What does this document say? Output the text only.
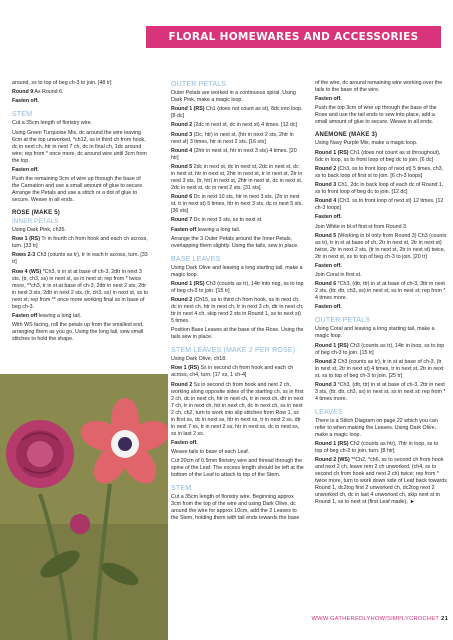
FLORAL HOMEWARES AND ACCESSORIES

around, ss to top of beg ch-3 to join. [48 tr]

Round 9 As Round 6.

Fasten off.

STEM

Cut a 35cm length of floristry wire.

Using Green Turquoise Mix, dc around the wire leaving 6cm at the top unworked, *ch12, ss in third ch from hook, dc in next ch, htr in next 7 ch, dc in final ch, 1dc around wire; rep from * once more, dc around wire until 3cm from the top.

Fasten off.

Push the remaining 3cm of wire up through the base of the Carnation and use a small amount of glue to secure. Arrange the Petals and use a stitch or a dot of glue to secure. Weave in all ends.

ROSE (MAKE 5)
INNER PETALS

Using Dark Pink, ch35.

Row 1 (RS) Tr in fourth ch from hook and each ch across, turn. [33 tr]

Rows 2-3 Ch3 (counts as tr), tr in each tr across, turn. [33 tr]

Row 4 (WS) *Ch3, tr in st at base of ch-3, 2dtr in next 3 sts, (tr, ch3, ss) in next st, ss in next st; rep from * twice more, **ch3, tr in st at base of ch-3, 2dtr in next 2 sts, 2ttr in next 3 sts, 2dtr in next 2 sts, (tr, ch3, ss) in next st, ss to next st; rep from ** once more working final ss in base of beg ch-3.

Fasten off leaving a long tail.

With WS facing, roll the petals up from the smallest end, arranging them as you go. Using the long tail, sew small stitches to hold the shape.

OUTER PETALS

Outer Petals are worked in a continuous spiral. Using Dark Pink, make a magic loop.

Round 1 (RS) Ch1 (does not count as st), 8dc into loop. [8 dc]

Round 2 (2dc in next st, dc in next st) 4 times. [12 dc]

Round 3 (Dc, htr) in next st, (htr in next 2 sts, 2htr in next st) 3 times, htr in next 2 sts. [16 sts]

Round 4 (2htr in next st, htr in next 3 sts) 4 times. [20 htr]

Round 5 2dc in next st, dc in next st, 2dc in next st, dc in next st, htr in next st, 2htr in next st, tr in next st, 2tr in next 3 sts, (tr, htr) in next st, 2htr in next st, dc in next st, 2dc in next st, dc in next 2 sts. [31 sts]

Round 6 Dc in next 10 sts, htr in next 3 sts, (2tr in next st, tr in next st) 5 times, htr in next 3 sts, dc in next 5 sts. [36 sts]

Round 7 Dc in next 3 sts, ss to next st.

Fasten off leaving a long tail.

Arrange the 3 Outer Petals around the Inner Petals, overlapping them slightly. Using the tails, sew in place.

BASE LEAVES

Using Dark Olive and leaving a long starting tail, make a magic loop.

Round 1 (RS) Ch3 (counts as tr), 14tr into ring, ss to top of beg ch-3 to join. [15 tr]

Round 2 (Ch15, ss in third ch from hook, ss in next ch, dc in next ch, htr in next ch, tr in next 3 ch, dtr in next ch, ttr in next 4 ch, skip next 2 sts in Round 1, ss to next st) 5 times.

Position Base Leaves at the base of the Rose. Using the tails sew in place.

STEM LEAVES (MAKE 2 PER ROSE)

Using Dark Olive, ch18.

Row 1 (RS) Ss in second ch from hook and each ch across, ch4, turn. [17 ss, 1 ch-4]

Round 2 Ss in second ch from hook and next 2 ch, working along opposite sides of the starting ch, ss in first 2 ch, dc in next ch, htr in next ch, tr in next ch, dtr in next 7 ch, tr in next ch, htr in next ch, dc in next ch, ss in next 2 ch, ch2, turn to work into slip stitches from Row 1, ss in first ss, dc in next ss, htr in next ss, tr in next 2 ss, dtr in next 7 ss, tr in next 2 ss, htr in next ss, dc in next ss, ss in last 2 ss.

Fasten off.

Weave tails to base of each Leaf.

Cut 20cm of 0.5mm floristry wire and thread through the spine of the Leaf. The excess length should be left at the bottom of the Leaf to attach to top of the Stem.

STEM

Cut a 35cm length of floristry wire. Beginning approx 3cm from the top of the wire and using Dark Olive, dc around the wire for approx 10cm, add the 2 Leaves to the Stem, holding them with tail ends towards the base

of the wire, dc around remaining wire working over the tails to the base of the wire.

Fasten off.

Push the top 3cm of wire up through the base of the Rose and use the tail ends to sew into place, add a small amount of glue to secure. Weave in all ends.

ANEMONE (MAKE 3)

Using Navy Purple Mix, make a magic loop.

Round 1 (RS) Ch1 (does not count as st throughout), 6dc in loop, ss to front loop of beg dc to join. [6 dc]

Round 2 (Ch3, ss to front loop of next st) 5 times, ch3, ss to back loop of first st to join. [6 ch-3 loops]

Round 3 Ch1, 2dc in back loop of each dc of Round 1, ss to front loop of beg dc to join. [12 dc]

Round 4 (Ch3, ss to front loop of next st) 12 times. [12 ch-3 loops]

Fasten off.

Join White in bl of first st from Round 3.

Round 5 (Working in bl only from Round 3) Ch3 (counts as tr), tr in st at base of ch, 2tr in next st, 2tr in next st) twice, 2tr in next 2 sts, (tr in next st, 2tr in next st) twice, 2tr in next st, ss to top of beg ch-3 to join. [20 tr]

Fasten off.

Join Coral in first st.

Round 6 *Ch3, (dtr, ttr) in st at base of ch-3, 3ttr in next 2 sts, (ttr, dtr, ch3, ss) in next st, ss in next st; rep from * 4 times more.

Fasten off.

OUTER PETALS

Using Coral and leaving a long starting tail, make a magic loop.

Round 1 (RS) Ch3 (counts as tr), 14tr in loop, ss to top of beg ch-3 to join. [15 tr]

Round 2 Ch3 (counts as tr), tr in st at base of ch-3, (tr in next st, 2tr in next st) 4 times, tr in next st, 2tr in next st, ss to top of beg ch-3 to join. [25 tr]

Round 3 *Ch3, (dtr, ttr) in st at base of ch-3, 2ttr in next 3 sts, (ttr, dtr, ch3, ss) in next st, ss in next st; rep from * 4 times more.

LEAVES

There is a Stitch Diagram on page 22 which you can refer to when making the Leaves. Using Dark Olive, make a magic loop.

Round 1 (RS) Ch2 (counts as htr), 7htr in loop, ss to top of beg ch-2 to join, turn. [8 htr]

Round 2 (WS) **Ch2, *ch6, ss to second ch from hook and next 2 ch, leave rem 2 ch unworked, (ch4, ss to second ch from hook and next 2 ch) twice; rep from * twice more, turn to work down side of Leaf back towards Round 1, dc2tog first 2 unworked ch, dc2tog next 2 unworked ch, dc in last 4 unworked ch, skip next st in Round 1, ss to next st (first Leaf made), ►

WWW.GATHEREDLYHOW/SIMPLYCROCHET 21
